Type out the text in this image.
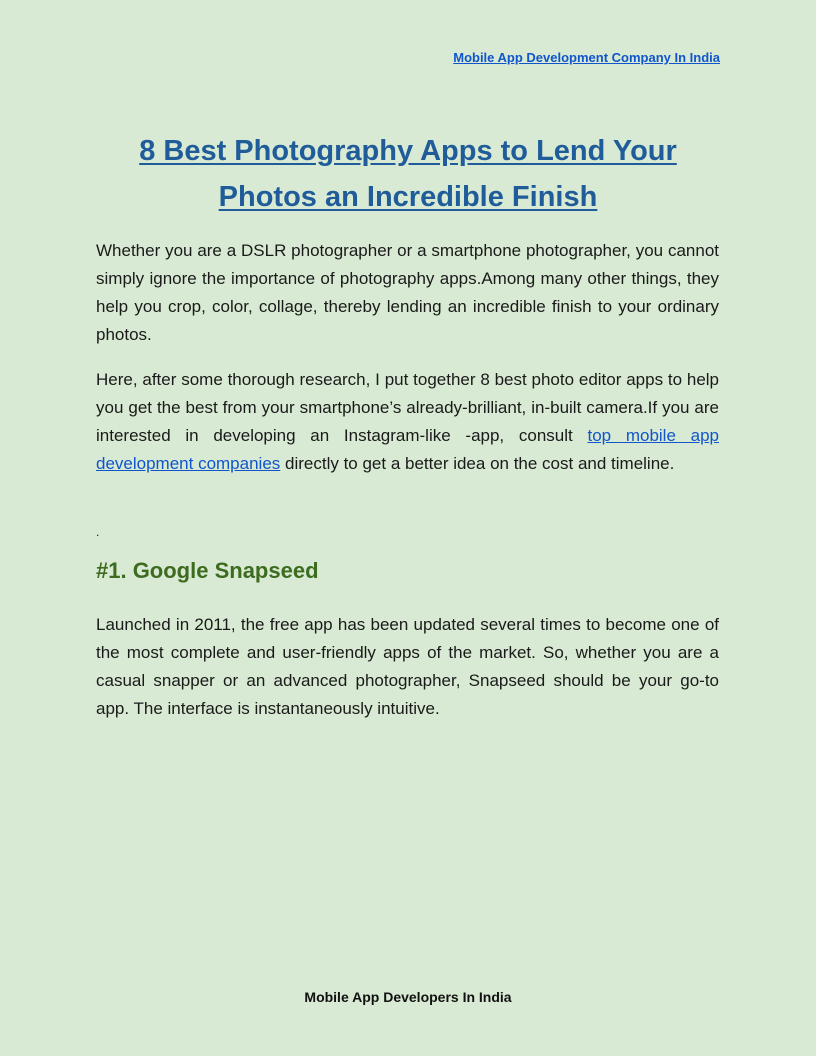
Mobile App Development Company In India
8 Best Photography Apps to Lend Your
Photos an Incredible Finish

Whether you are a DSLR photographer or a smartphone photographer, you cannot simply ignore the importance of photography apps.Among many other things, they help you crop, color, collage, thereby lending an incredible finish to your ordinary photos.

Here, after some thorough research, I put together 8 best photo editor apps to help you get the best from your smartphone’s already-brilliant, in-built camera.If you are interested in developing an Instagram-like -app, consult top mobile app development companies directly to get a better idea on the cost and timeline.

.

#1. Google Snapseed

Launched in 2011, the free app has been updated several times to become one of the most complete and user-friendly apps of the market. So, whether you are a casual snapper or an advanced photographer, Snapseed should be your go-to app. The interface is instantaneously intuitive.

Mobile App Developers In India
